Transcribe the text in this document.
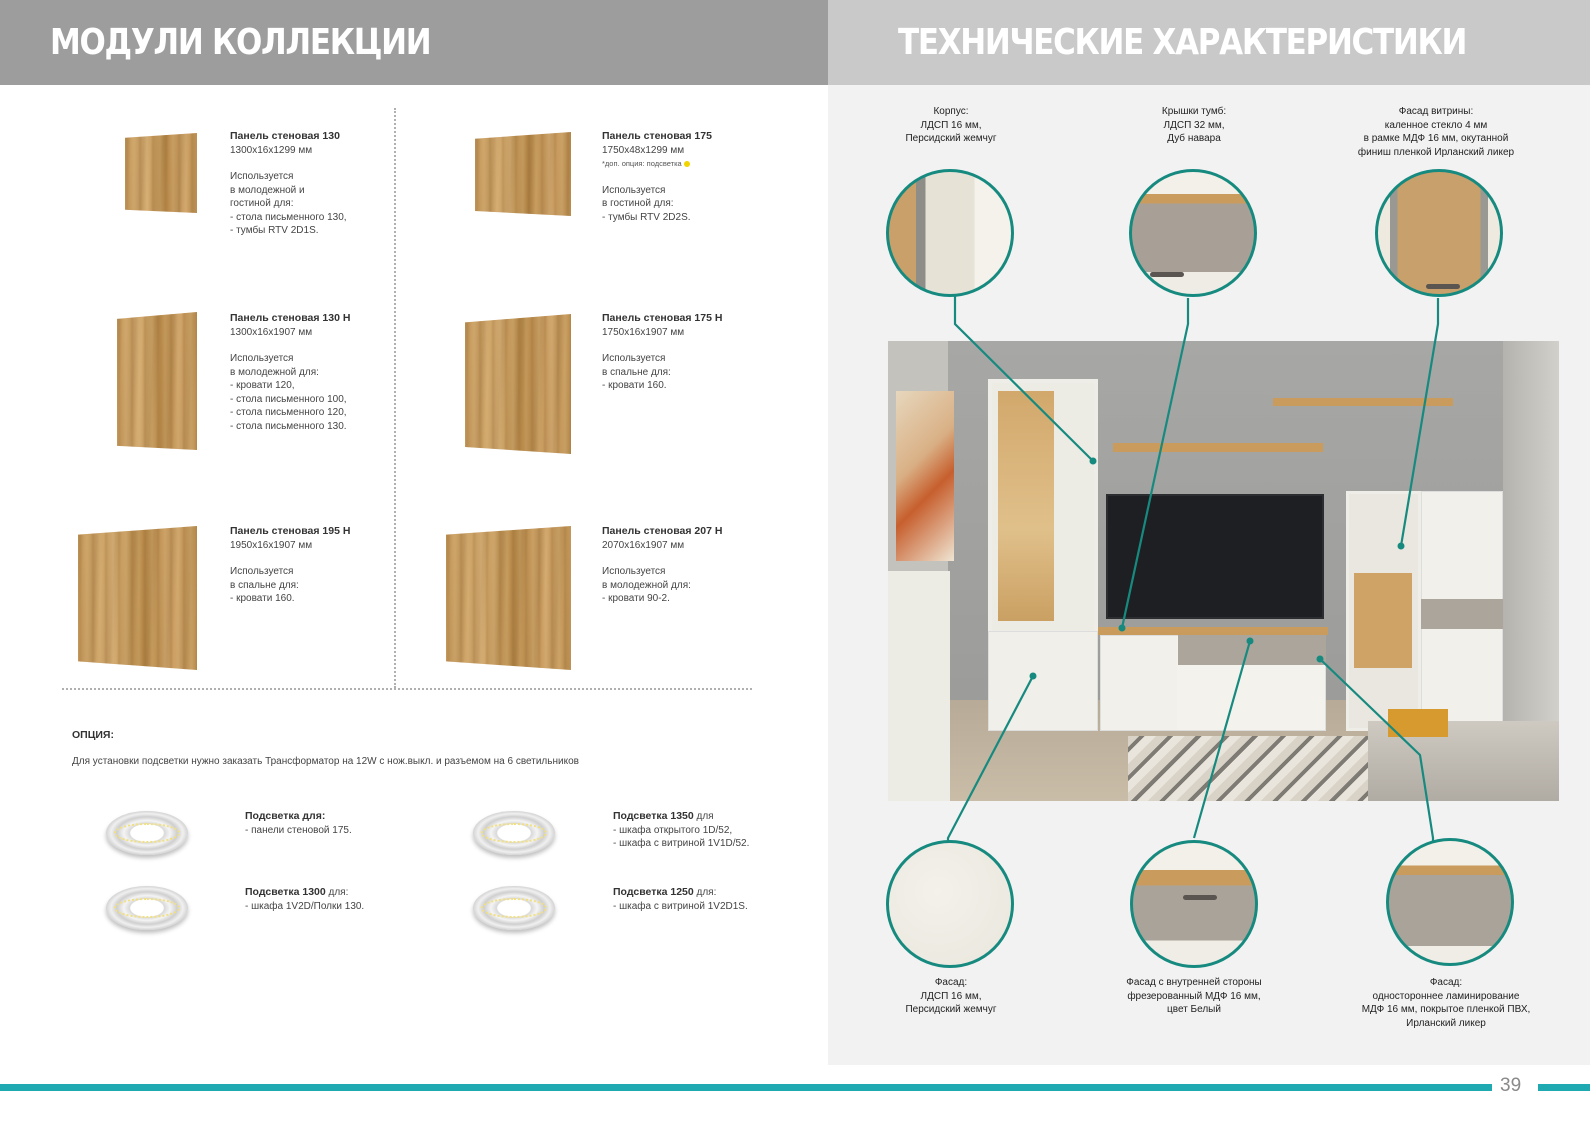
МОДУЛИ КОЛЛЕКЦИИ	ТЕХНИЧЕСКИЕ ХАРАКТЕРИСТИКИ
Панель стеновая 130
1300x16x1299 мм
Используется
в молодежной и
гостиной для:
- стола письменного 130,
- тумбы RTV 2D1S.
Панель стеновая 175
1750x48x1299 мм
*доп. опция: подсветка
Используется
в гостиной для:
- тумбы RTV 2D2S.
Панель стеновая 130 Н
1300x16x1907 мм
Используется
в молодежной для:
- кровати 120,
- стола письменного 100,
- стола письменного 120,
- стола письменного 130.
Панель стеновая 175 Н
1750x16x1907 мм
Используется
в спальне для:
- кровати 160.
Панель стеновая 195 Н
1950x16x1907 мм
Используется
в спальне для:
- кровати 160.
Панель стеновая 207 Н
2070x16x1907 мм
Используется
в молодежной для:
- кровати 90-2.
ОПЦИЯ:
Для установки подсветки нужно заказать Трансформатор на 12W с нож.выкл. и разъемом на 6 светильников
Подсветка для:
- панели стеновой 175.
Подсветка 1350 для
- шкафа открытого 1D/52,
- шкафа с витриной 1V1D/52.
Подсветка 1300 для:
- шкафа 1V2D/Полки 130.
Подсветка 1250 для:
- шкафа с витриной 1V2D1S.
Корпус:
ЛДСП 16 мм,
Персидский жемчуг
Крышки тумб:
ЛДСП 32 мм,
Дуб навара
Фасад витрины:
каленное стекло 4 мм
в рамке МДФ 16 мм, окутанной
финиш пленкой Ирланский ликер
Фасад:
ЛДСП 16 мм,
Персидский жемчуг
Фасад с внутренней стороны
фрезерованный МДФ 16 мм,
цвет Белый
Фасад:
одностороннее ламинирование
МДФ 16 мм, покрытое пленкой ПВХ,
Ирланский ликер
39
